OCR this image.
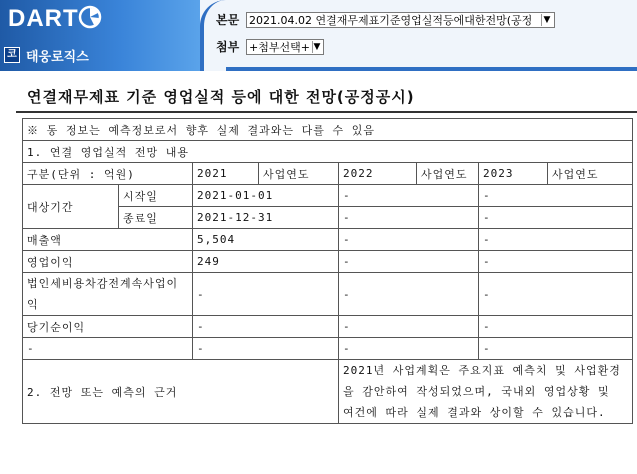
DART
코 태웅로직스
본문 2021.04.02 연결재무제표기준영업실적등에대한전망(공정	▼
첨부 +첨부선택+ ▼
연결재무제표 기준 영업실적 등에 대한 전망(공정공시)
※ 동 정보는 예측정보로서 향후 실제 결과와는 다를 수 있음							
1. 연결 영업실적 전망 내용							
구분(단위 : 억원)		2021	사업연도	2022	사업연도	2023	사업연도
대상기간	시작일	2021-01-01		-		-	
	종료일	2021-12-31		-		-	
매출액		5,504		-		-	
영업이익		249		-		-	
법인세비용차감전계속사업이익		-		-		-	
당기순이익		-		-		-	
-		-		-		-	
2. 전망 또는 예측의 근거				2021년 사업계획은 주요지표 예측치 및 사업환경을 감안하여 작성되었으며, 국내외 영업상황 및 여건에 따라 실제 결과와 상이할 수 있습니다.			
